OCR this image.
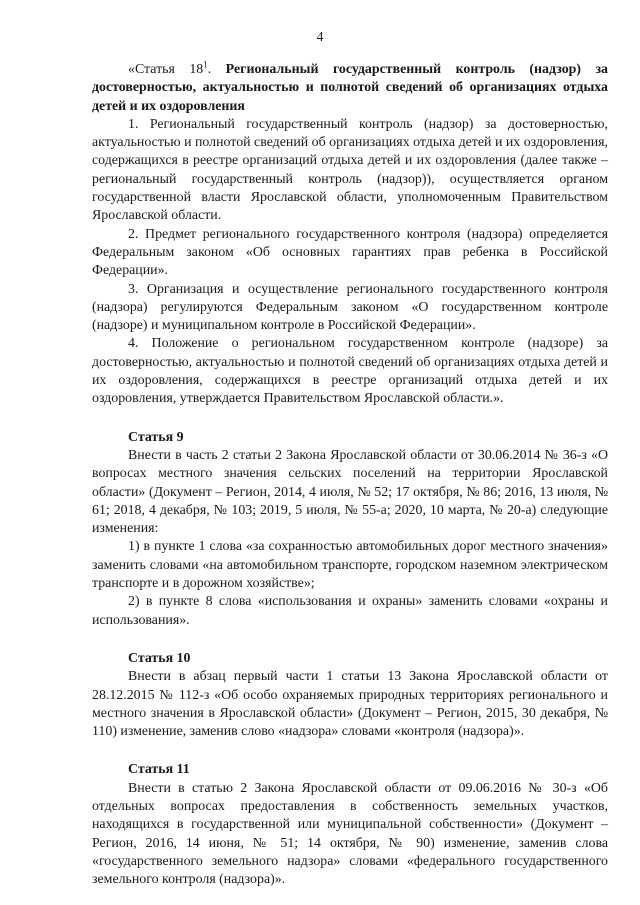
4

«Статья $18^1$. Региональный государственный контроль (надзор) за достоверностью, актуальностью и полнотой сведений об организациях отдыха детей и их оздоровления

1. Региональный государственный контроль (надзор) за достоверностью, актуальностью и полнотой сведений об организациях отдыха детей и их оздоровления, содержащихся в реестре организаций отдыха детей и их оздоровления (далее также – региональный государственный контроль (надзор)), осуществляется органом государственной власти Ярославской области, уполномоченным Правительством Ярославской области.

2. Предмет регионального государственного контроля (надзора) определяется Федеральным законом «Об основных гарантиях прав ребенка в Российской Федерации».

3. Организация и осуществление регионального государственного контроля (надзора) регулируются Федеральным законом «О государственном контроле (надзоре) и муниципальном контроле в Российской Федерации».

4. Положение о региональном государственном контроле (надзоре) за достоверностью, актуальностью и полнотой сведений об организациях отдыха детей и их оздоровления, содержащихся в реестре организаций отдыха детей и их оздоровления, утверждается Правительством Ярославской области.».

Статья 9

Внести в часть 2 статьи 2 Закона Ярославской области от 30.06.2014 № 36-з «О вопросах местного значения сельских поселений на территории Ярославской области» (Документ – Регион, 2014, 4 июля, № 52; 17 октября, № 86; 2016, 13 июля, № 61; 2018, 4 декабря, № 103; 2019, 5 июля, № 55-а; 2020, 10 марта, № 20-а) следующие изменения:

1) в пункте 1 слова «за сохранностью автомобильных дорог местного значения» заменить словами «на автомобильном транспорте, городском наземном электрическом транспорте и в дорожном хозяйстве»;

2) в пункте 8 слова «использования и охраны» заменить словами «охраны и использования».

Статья 10

Внести в абзац первый части 1 статьи 13 Закона Ярославской области от 28.12.2015 № 112-з «Об особо охраняемых природных территориях регионального и местного значения в Ярославской области» (Документ – Регион, 2015, 30 декабря, № 110) изменение, заменив слово «надзора» словами «контроля (надзора)».

Статья 11

Внести в статью 2 Закона Ярославской области от 09.06.2016 № 30-з «Об отдельных вопросах предоставления в собственность земельных участков, находящихся в государственной или муниципальной собственности» (Документ – Регион, 2016, 14 июня, № 51; 14 октября, № 90) изменение, заменив слова «государственного земельного надзора» словами «федерального государственного земельного контроля (надзора)».
